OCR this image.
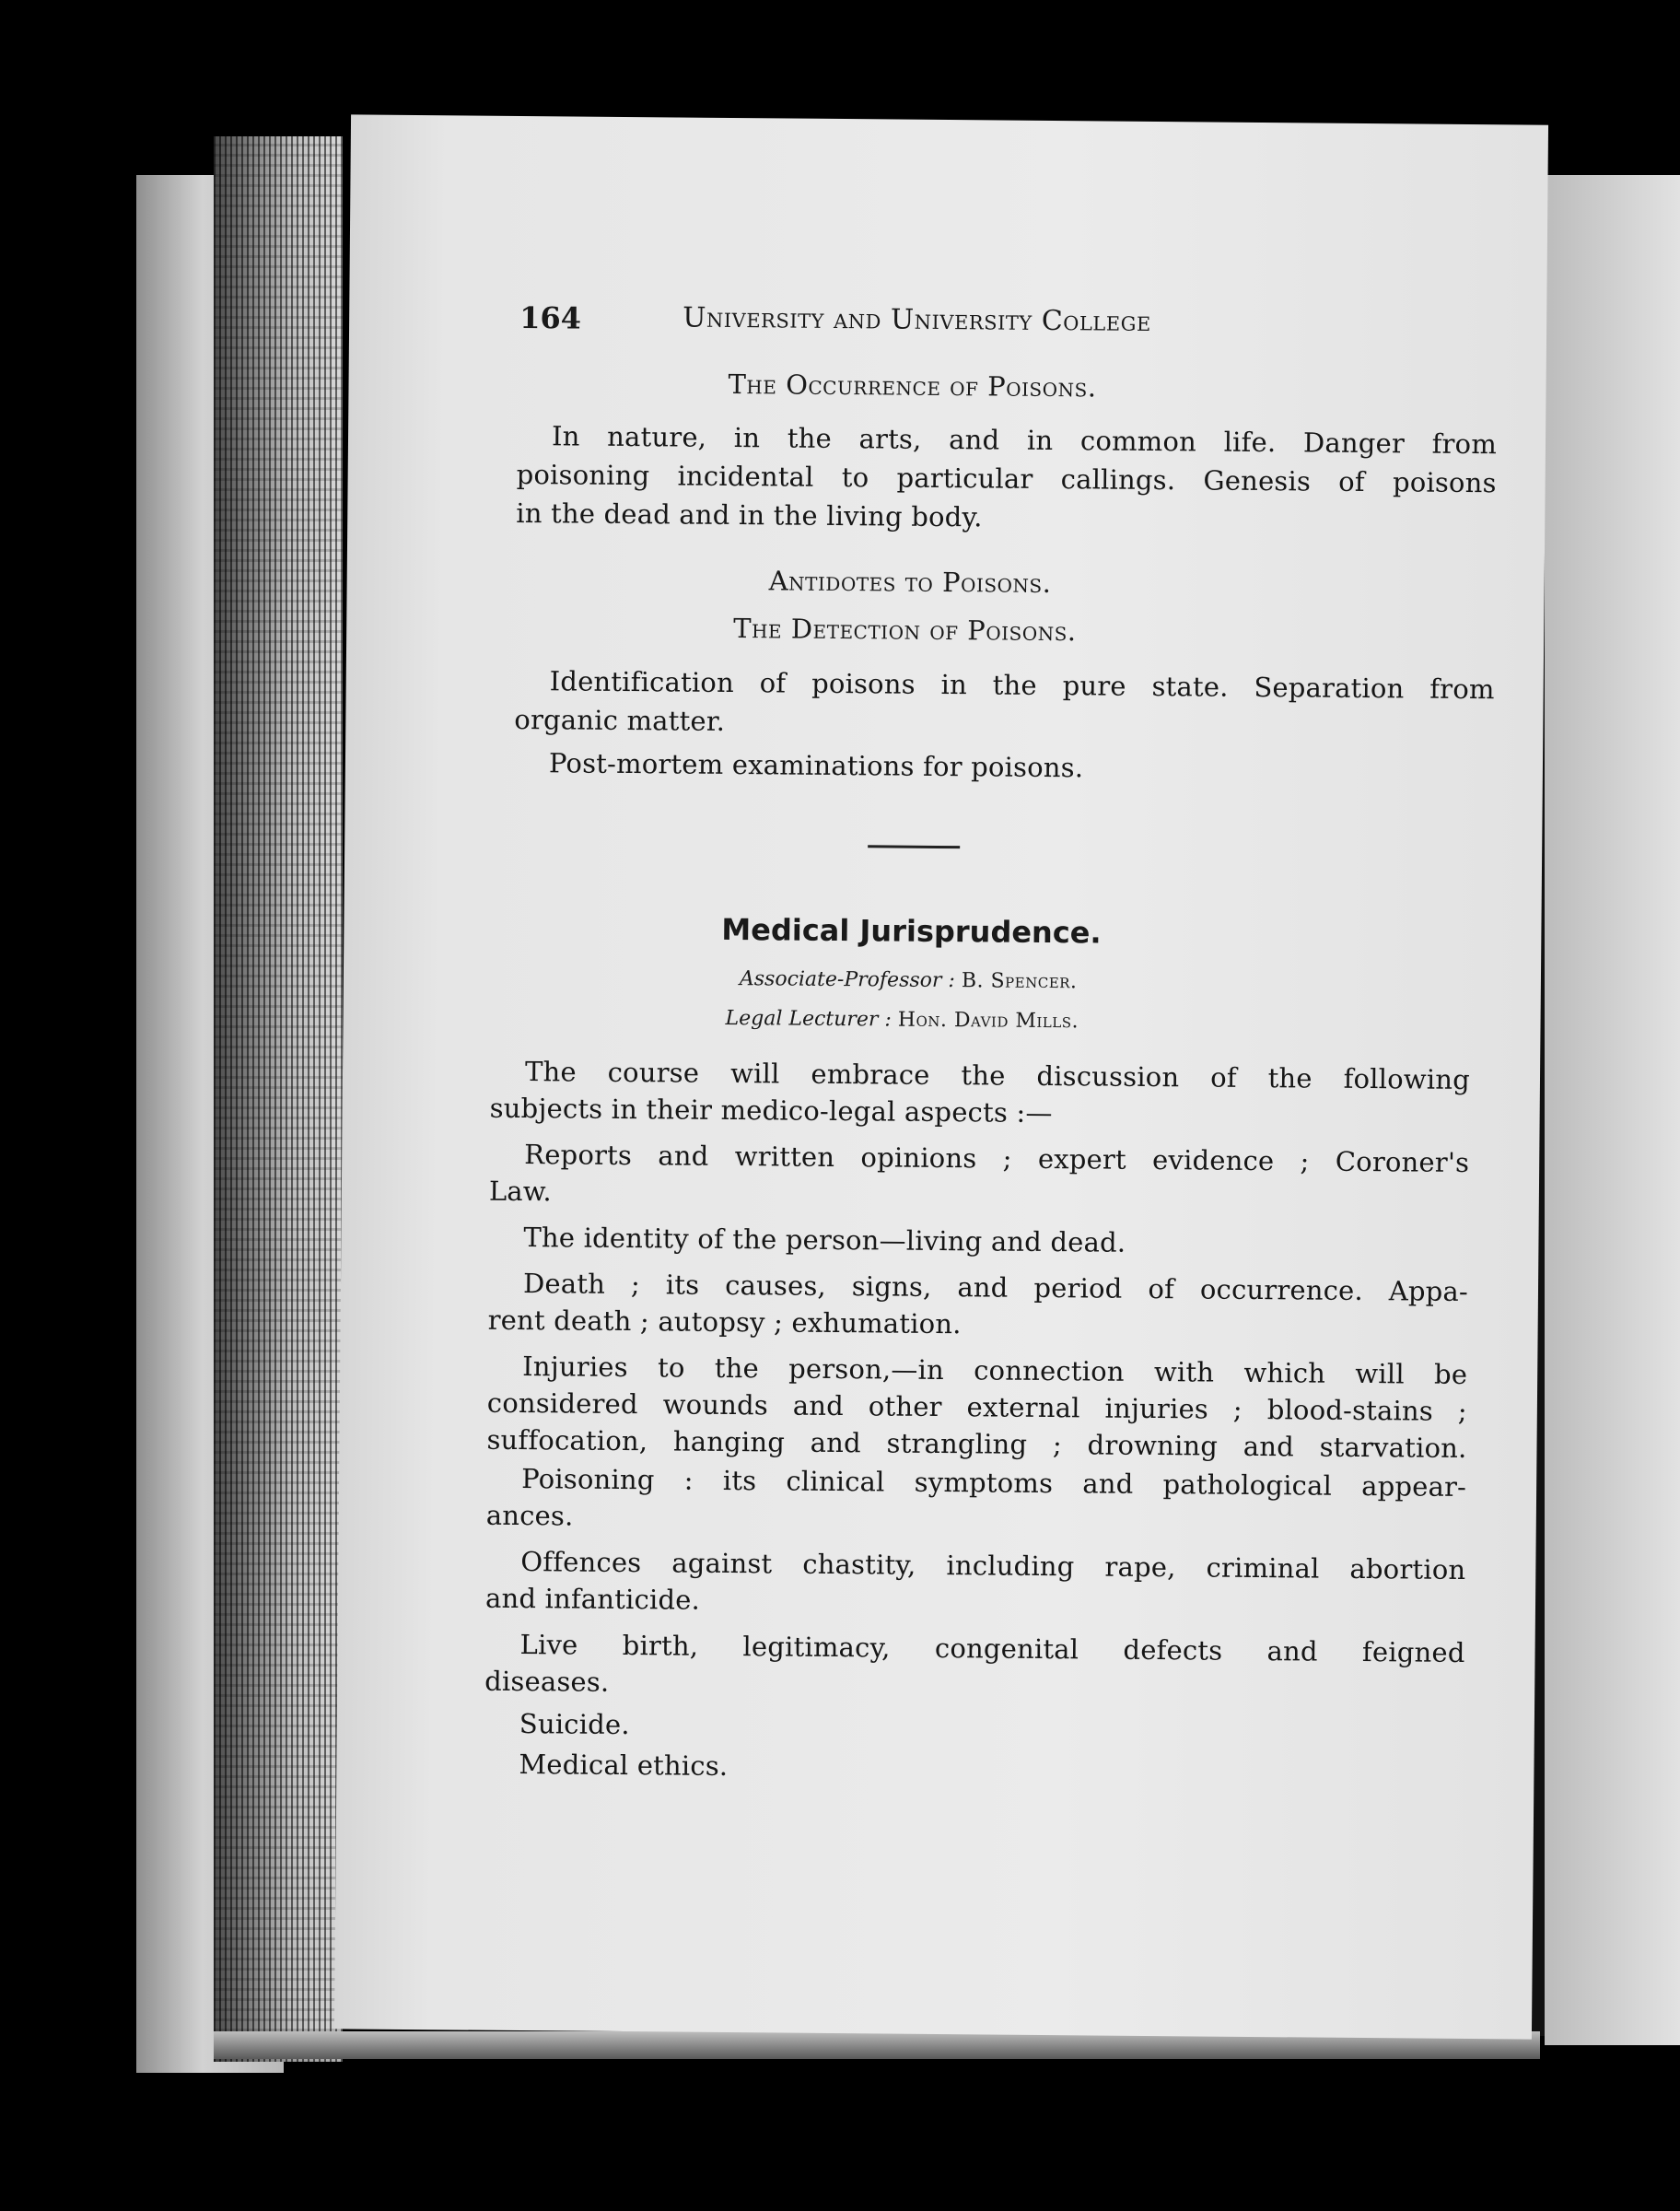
164	University and University College
The Occurrence of Poisons.
In nature, in the arts, and in common life. Danger from
poisoning incidental to particular callings. Genesis of poisons
in the dead and in the living body.
Antidotes to Poisons.
The Detection of Poisons.
Identification of poisons in the pure state. Separation from
organic matter.
Post-mortem examinations for poisons.
Medical Jurisprudence.
Associate-Professor : B. Spencer.
Legal Lecturer : Hon. David Mills.
The course will embrace the discussion of the following
subjects in their medico-legal aspects :—
Reports and written opinions ; expert evidence ; Coroner's
Law.
The identity of the person—living and dead.
Death ; its causes, signs, and period of occurrence. Appa-
rent death ; autopsy ; exhumation.
Injuries to the person,—in connection with which will be
considered wounds and other external injuries ; blood-stains ;
suffocation, hanging and strangling ; drowning and starvation.
Poisoning : its clinical symptoms and pathological appear-
ances.
Offences against chastity, including rape, criminal abortion
and infanticide.
Live birth, legitimacy, congenital defects and feigned
diseases.
Suicide.
Medical ethics.
